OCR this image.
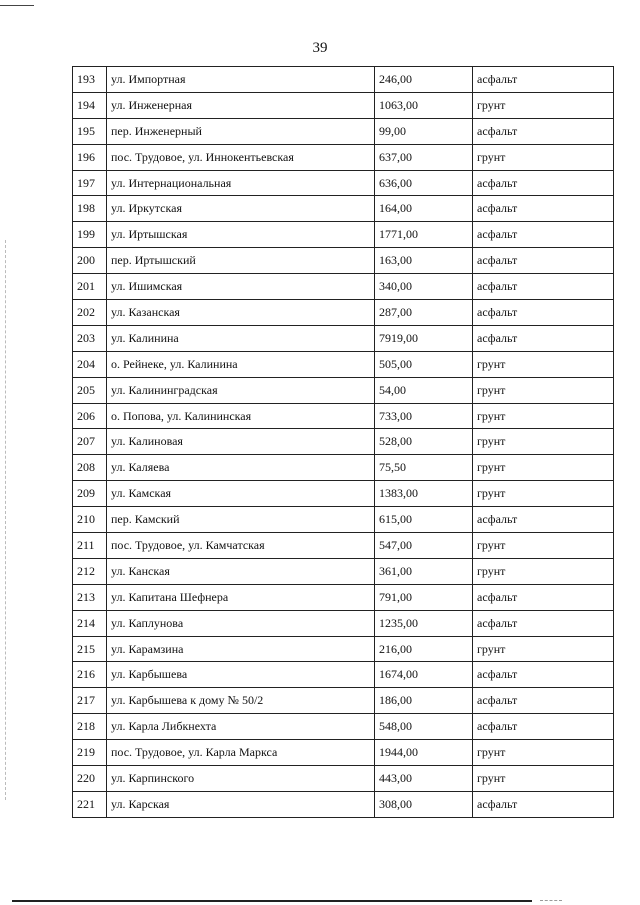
39
193	ул. Импортная	246,00	асфальт
194	ул. Инженерная	1063,00	грунт
195	пер. Инженерный	99,00	асфальт
196	пос. Трудовое, ул. Иннокентьевская	637,00	грунт
197	ул. Интернациональная	636,00	асфальт
198	ул. Иркутская	164,00	асфальт
199	ул. Иртышская	1771,00	асфальт
200	пер. Иртышский	163,00	асфальт
201	ул. Ишимская	340,00	асфальт
202	ул. Казанская	287,00	асфальт
203	ул. Калинина	7919,00	асфальт
204	о. Рейнеке, ул. Калинина	505,00	грунт
205	ул. Калининградская	54,00	грунт
206	о. Попова, ул. Калининская	733,00	грунт
207	ул. Калиновая	528,00	грунт
208	ул. Каляева	75,50	грунт
209	ул. Камская	1383,00	грунт
210	пер. Камский	615,00	асфальт
211	пос. Трудовое, ул. Камчатская	547,00	грунт
212	ул. Канская	361,00	грунт
213	ул. Капитана Шефнера	791,00	асфальт
214	ул. Каплунова	1235,00	асфальт
215	ул. Карамзина	216,00	грунт
216	ул. Карбышева	1674,00	асфальт
217	ул. Карбышева к дому № 50/2	186,00	асфальт
218	ул. Карла Либкнехта	548,00	асфальт
219	пос. Трудовое, ул. Карла Маркса	1944,00	грунт
220	ул. Карпинского	443,00	грунт
221	ул. Карская	308,00	асфальт
